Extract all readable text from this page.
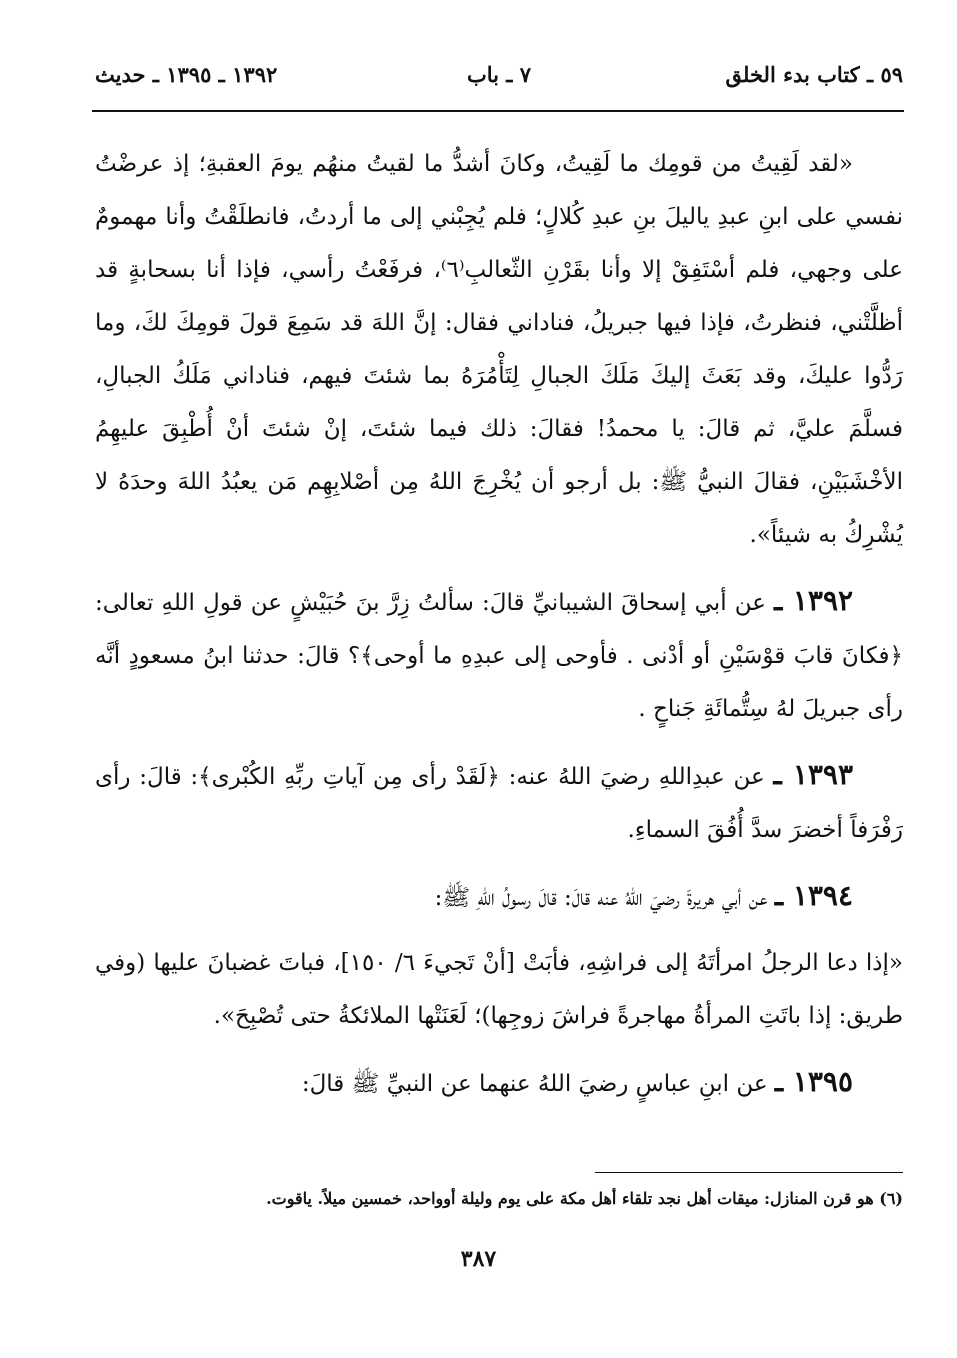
٥٩ ـ كتاب بدء الخلق
٧ ـ باب
١٣٩٢ ـ ١٣٩٥ ـ حديث

«لقد لَقِيتُ من قومِك ما لَقِيتُ، وكانَ أشدُّ ما لقيتُ منهُم يومَ العقبةِ؛ إذ عرضْتُ نفسي على ابنِ عبدِ ياليلَ بنِ عبدِ كُلالٍ؛ فلم يُجِبْني إلى ما أردتُ، فانطلَقْتُ وأنا مهمومٌ على وجهي، فلم أسْتَفِقْ إلا وأنا بقَرْنِ الثّعالبِ⁽٦⁾، فرفَعْتُ رأسي، فإذا أنا بسحابةٍ قد أظلَّتْني، فنظرتُ، فإذا فيها جبريلُ، فناداني فقال: إنَّ اللهَ قد سَمِعَ قولَ قومِكَ لكَ، وما رَدُّوا عليكَ، وقد بَعَثَ إليكَ مَلَكَ الجبالِ لِتَأْمُرَهُ بما شئتَ فيهم، فناداني مَلَكُ الجبالِ، فسلَّمَ عليَّ، ثم قالَ: يا محمدُ! فقالَ: ذلك فيما شئتَ، إنْ شئتَ أنْ أُطْبِقَ عليهِمُ الأخْشَبَيْنِ، فقالَ النبيُّ ﷺ: بل أرجو أن يُخْرِجَ اللهُ مِن أصْلابِهِم مَن يعبُدُ اللهَ وحدَهُ لا يُشْرِكُ به شيئاً».

١٣٩٢ ـ عن أبي إسحاقَ الشيبانيِّ قالَ: سألتُ زِرَّ بنَ حُبَيْشٍ عن قولِ اللهِ تعالى: ﴿فكانَ قابَ قوْسَيْنِ أو أدْنى . فأوحى إلى عبدِهِ ما أوحى﴾؟ قالَ: حدثنا ابنُ مسعودٍ أنَّه رأى جبريلَ لهُ سِتُّمائَةِ جَناحٍ .

١٣٩٣ ـ عن عبدِاللهِ رضيَ اللهُ عنه: ﴿لَقَدْ رأى مِن آياتِ ربِّهِ الكُبْرى﴾: قالَ: رأى رَفْرَفاً أخضرَ سدَّ أُفُقَ السماءِ.

١٣٩٤ ـ عن أبي هريرةَ رضيَ اللهُ عنه قالَ: قالَ رسولُ اللهِ ﷺ:

«إذا دعا الرجلُ امرأتَهُ إلى فراشِهِ، فأبَتْ [أنْ تَجيءَ ٦/ ١٥٠]، فباتَ غضبانَ عليها (وفي طريق: إذا باتَتِ المرأةُ مهاجرةً فراشَ زوجِها)؛ لَعَنَتْها الملائكةُ حتى تُصْبِحَ».

١٣٩٥ ـ عن ابنِ عباسٍ رضيَ اللهُ عنهما عن النبيِّ ﷺ قالَ:

(٦) هو قرن المنازل: ميقات أهل نجد تلقاء أهل مكة على يوم وليلة أوواحد، خمسين ميلاً. ياقوت.
٣٨٧
